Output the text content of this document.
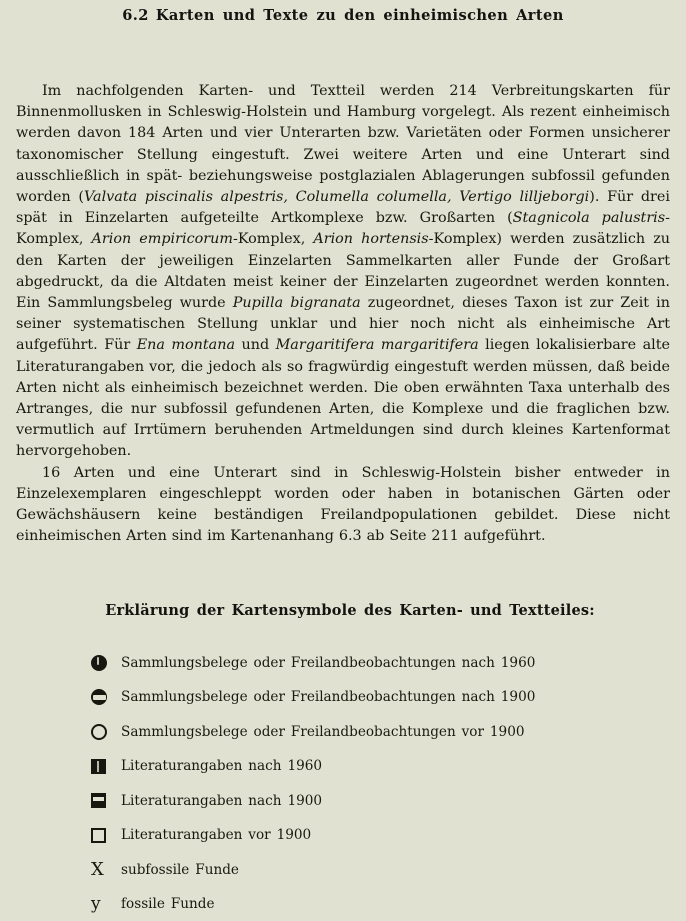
6.2 Karten und Texte zu den einheimischen Arten

Im nachfolgenden Karten- und Textteil werden 214 Verbreitungskarten für Binnenmollusken in Schleswig-Holstein und Hamburg vorgelegt. Als rezent einheimisch werden davon 184 Arten und vier Unterarten bzw. Varietäten oder Formen unsicherer taxonomischer Stellung eingestuft. Zwei weitere Arten und eine Unterart sind ausschließlich in spät- beziehungsweise postglazialen Ablagerungen subfossil gefunden worden (Valvata piscinalis alpestris, Columella columella, Vertigo lilljeborgi). Für drei spät in Einzelarten aufgeteilte Artkomplexe bzw. Großarten (Stagnicola palustris-Komplex, Arion empiricorum-Komplex, Arion hortensis-Komplex) werden zusätzlich zu den Karten der jeweiligen Einzelarten Sammelkarten aller Funde der Großart abgedruckt, da die Altdaten meist keiner der Einzelarten zugeordnet werden konnten. Ein Sammlungsbeleg wurde Pupilla bigranata zugeordnet, dieses Taxon ist zur Zeit in seiner systematischen Stellung unklar und hier noch nicht als einheimische Art aufgeführt. Für Ena montana und Margaritifera margaritifera liegen lokalisierbare alte Literaturangaben vor, die jedoch als so fragwürdig eingestuft werden müssen, daß beide Arten nicht als einheimisch bezeichnet werden. Die oben erwähnten Taxa unterhalb des Artranges, die nur subfossil gefundenen Arten, die Komplexe und die fraglichen bzw. vermutlich auf Irrtümern beruhenden Artmeldungen sind durch kleines Kartenformat hervorgehoben.

16 Arten und eine Unterart sind in Schleswig-Holstein bisher entweder in Einzelexemplaren eingeschleppt worden oder haben in botanischen Gärten oder Gewächshäusern keine beständigen Freilandpopulationen gebildet. Diese nicht einheimischen Arten sind im Kartenanhang 6.3 ab Seite 211 aufgeführt.

Erklärung der Kartensymbole des Karten- und Textteiles:
Sammlungsbelege oder Freilandbeobachtungen nach 1960
Sammlungsbelege oder Freilandbeobachtungen nach 1900
Sammlungsbelege oder Freilandbeobachtungen vor 1900
Literaturangaben nach 1960
Literaturangaben nach 1900
Literaturangaben vor 1900
X subfossile Funde
y fossile Funde
